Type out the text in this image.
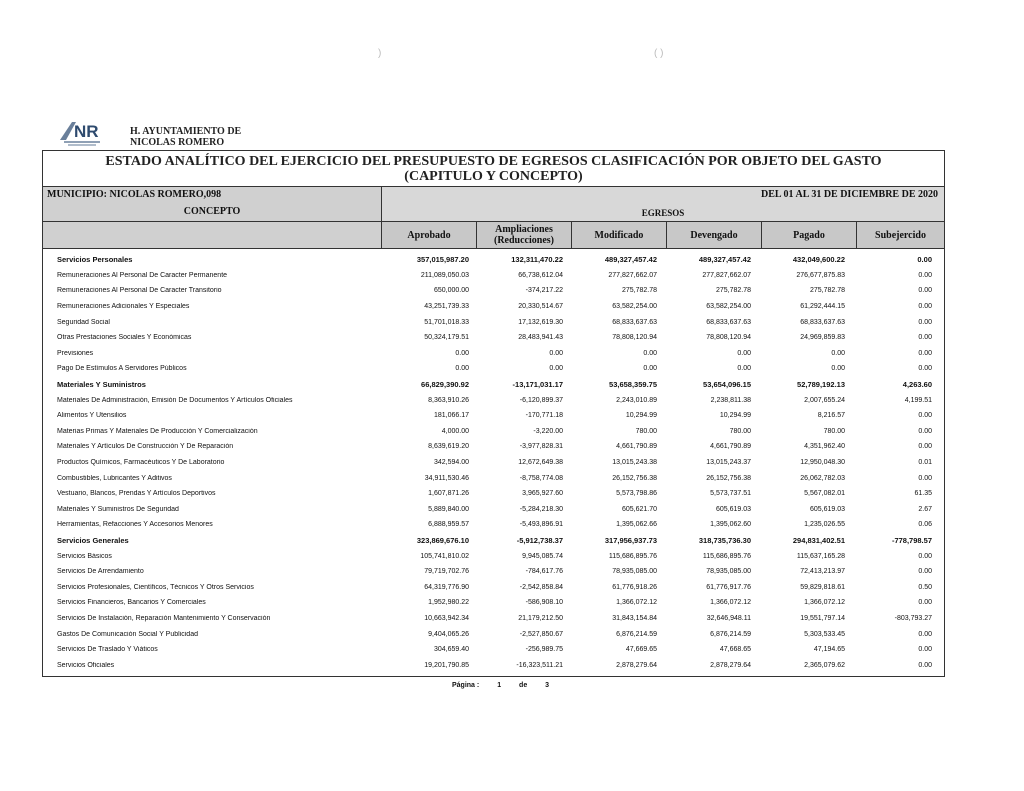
)	( )
NR	H. AYUNTAMIENTO DE
NICOLAS ROMERO
ESTADO ANALÍTICO DEL EJERCICIO DEL PRESUPUESTO DE EGRESOS CLASIFICACIÓN POR OBJETO DEL GASTO
(CAPITULO Y CONCEPTO)
MUNICIPIO: NICOLAS ROMERO,098
CONCEPTO
DEL 01 AL 31 DE DICIEMBRE DE 2020
EGRESOS
Aprobado	Ampliaciones (Reducciones)	Modificado	Devengado	Pagado	Subejercido
Servicios Personales	357,015,987.20	132,311,470.22	489,327,457.42	489,327,457.42	432,049,600.22	0.00
Remuneraciones Al Personal De Caracter Permanente	211,089,050.03	66,738,612.04	277,827,662.07	277,827,662.07	276,677,875.83	0.00
Remuneraciones Al Personal De Caracter Transitorio	650,000.00	-374,217.22	275,782.78	275,782.78	275,782.78	0.00
Remuneraciones Adicionales Y Especiales	43,251,739.33	20,330,514.67	63,582,254.00	63,582,254.00	61,292,444.15	0.00
Seguridad Social	51,701,018.33	17,132,619.30	68,833,637.63	68,833,637.63	68,833,637.63	0.00
Otras Prestaciones Sociales Y Económicas	50,324,179.51	28,483,941.43	78,808,120.94	78,808,120.94	24,969,859.83	0.00
Previsiones	0.00	0.00	0.00	0.00	0.00	0.00
Pago De Estímulos A Servidores Públicos	0.00	0.00	0.00	0.00	0.00	0.00
Materiales Y Suministros	66,829,390.92	-13,171,031.17	53,658,359.75	53,654,096.15	52,789,192.13	4,263.60
Materiales De Administración, Emisión De Documentos Y Artículos Oficiales	8,363,910.26	-6,120,899.37	2,243,010.89	2,238,811.38	2,007,655.24	4,199.51
Alimentos Y Utensilios	181,066.17	-170,771.18	10,294.99	10,294.99	8,216.57	0.00
Materias Primas Y Materiales De Producción Y Comercialización	4,000.00	-3,220.00	780.00	780.00	780.00	0.00
Materiales Y Artículos De Construcción Y De Reparación	8,639,619.20	-3,977,828.31	4,661,790.89	4,661,790.89	4,351,962.40	0.00
Productos Químicos, Farmacéuticos Y De Laboratorio	342,594.00	12,672,649.38	13,015,243.38	13,015,243.37	12,950,048.30	0.01
Combustibles, Lubricantes Y Aditivos	34,911,530.46	-8,758,774.08	26,152,756.38	26,152,756.38	26,062,782.03	0.00
Vestuario, Blancos, Prendas Y Artículos Deportivos	1,607,871.26	3,965,927.60	5,573,798.86	5,573,737.51	5,567,082.01	61.35
Materiales Y Suministros De Seguridad	5,889,840.00	-5,284,218.30	605,621.70	605,619.03	605,619.03	2.67
Herramientas, Refacciones Y Accesorios Menores	6,888,959.57	-5,493,896.91	1,395,062.66	1,395,062.60	1,235,026.55	0.06
Servicios Generales	323,869,676.10	-5,912,738.37	317,956,937.73	318,735,736.30	294,831,402.51	-778,798.57
Servicios Básicos	105,741,810.02	9,945,085.74	115,686,895.76	115,686,895.76	115,637,165.28	0.00
Servicios De Arrendamiento	79,719,702.76	-784,617.76	78,935,085.00	78,935,085.00	72,413,213.97	0.00
Servicios Profesionales, Científicos, Técnicos Y Otros Servicios	64,319,776.90	-2,542,858.84	61,776,918.26	61,776,917.76	59,829,818.61	0.50
Servicios Financieros, Bancarios Y Comerciales	1,952,980.22	-586,908.10	1,366,072.12	1,366,072.12	1,366,072.12	0.00
Servicios De Instalación, Reparación Mantenimiento Y Conservación	10,663,942.34	21,179,212.50	31,843,154.84	32,646,948.11	19,551,797.14	-803,793.27
Gastos De Comunicación Social Y Publicidad	9,404,065.26	-2,527,850.67	6,876,214.59	6,876,214.59	5,303,533.45	0.00
Servicios De Traslado Y Viáticos	304,659.40	-256,989.75	47,669.65	47,668.65	47,194.65	0.00
Servicios Oficiales	19,201,790.85	-16,323,511.21	2,878,279.64	2,878,279.64	2,365,079.62	0.00
Página :	1	de	3
